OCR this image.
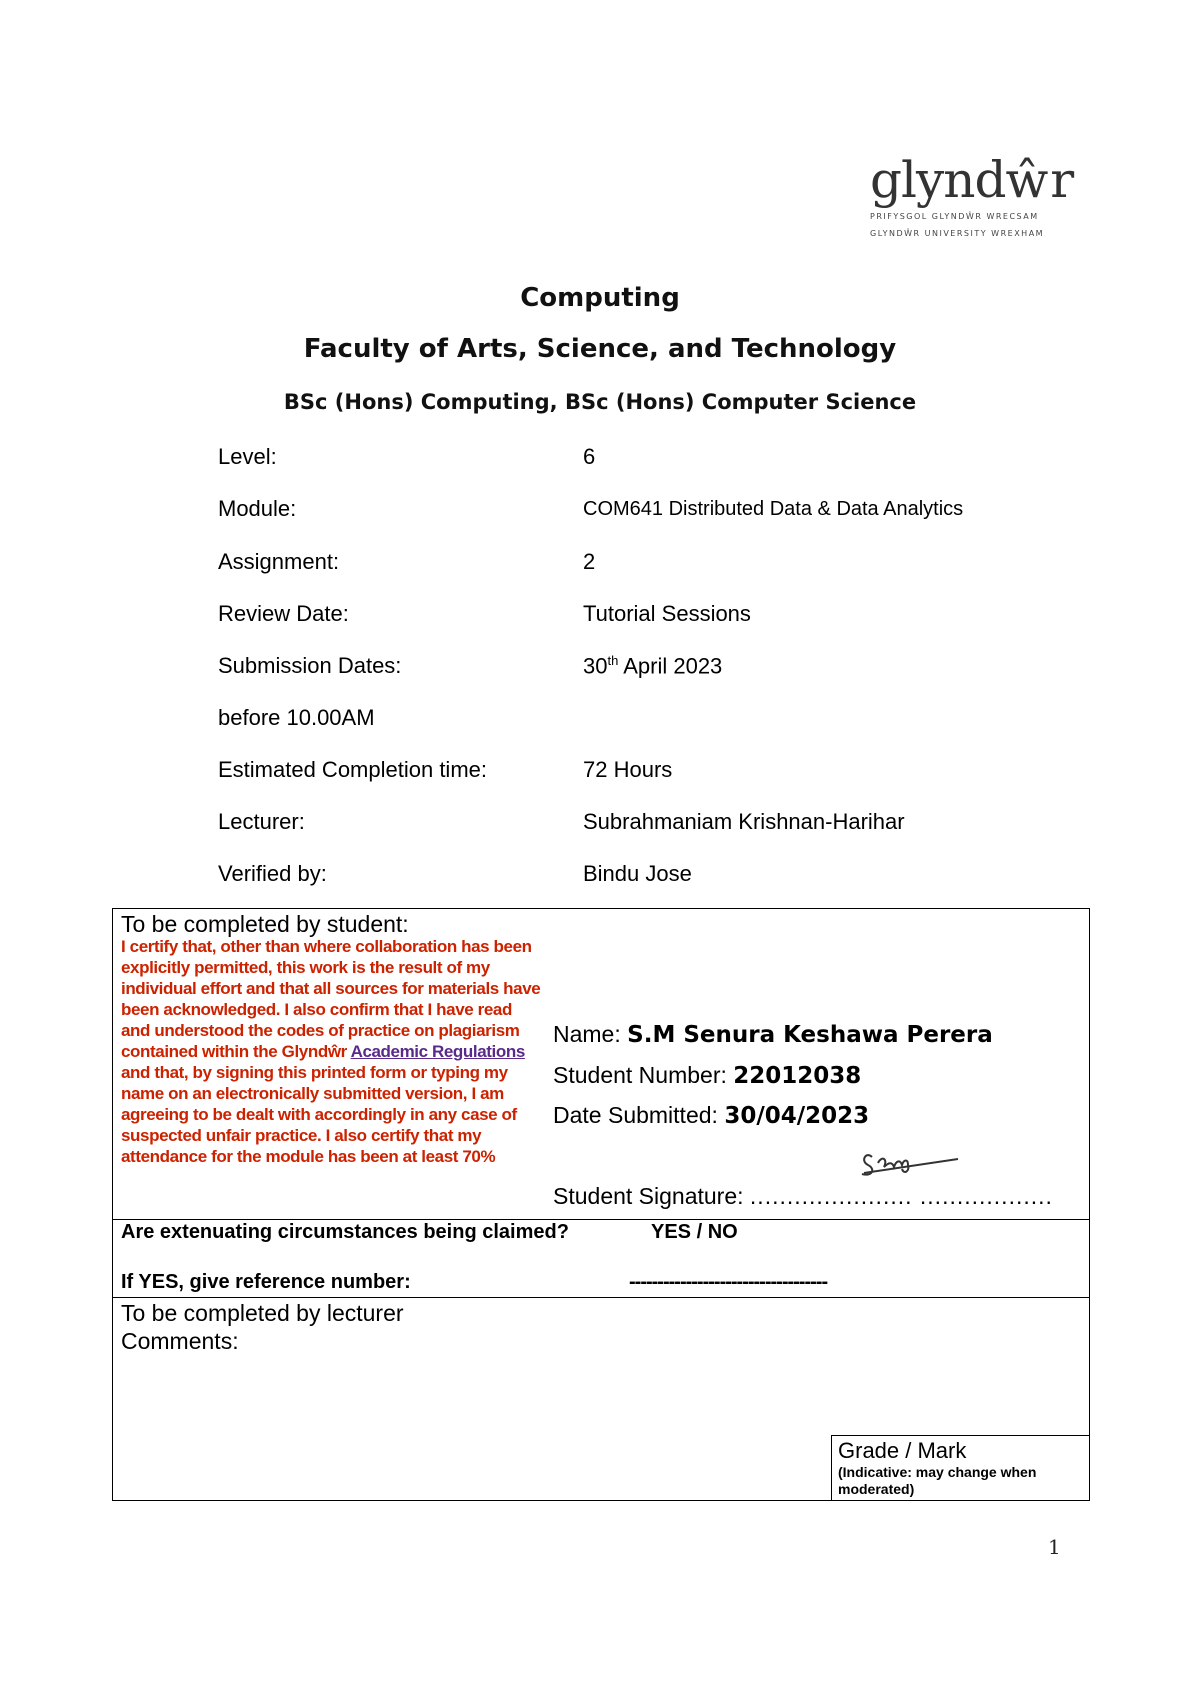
glyndŵr
PRIFYSGOL GLYNDŴR WRECSAM
GLYNDŴR UNIVERSITY WREXHAM
Computing
Faculty of Arts, Science, and Technology
BSc (Hons) Computing, BSc (Hons) Computer Science
Level:	6
Module:	COM641 Distributed Data & Data Analytics
Assignment:	2
Review Date:	Tutorial Sessions
Submission Dates:	30th April 2023
before 10.00AM
Estimated Completion time:	72 Hours
Lecturer:	Subrahmaniam Krishnan-Harihar
Verified by:	Bindu Jose
To be completed by student:
I certify that, other than where collaboration has been explicitly permitted, this work is the result of my individual effort and that all sources for materials have been acknowledged. I also confirm that I have read and understood the codes of practice on plagiarism contained within the Glyndŵr Academic Regulations and that, by signing this printed form or typing my name on an electronically submitted version, I am agreeing to be dealt with accordingly in any case of suspected unfair practice. I also certify that my attendance for the module has been at least 70%
Name: S.M Senura Keshawa Perera
Student Number: 22012038
Date Submitted: 30/04/2023
Student Signature: ...................... ..................
Are extenuating circumstances being claimed?	YES / NO
If YES, give reference number:	-----------------------------------
To be completed by lecturer
Comments:
Grade / Mark
(Indicative: may change when moderated)
1
